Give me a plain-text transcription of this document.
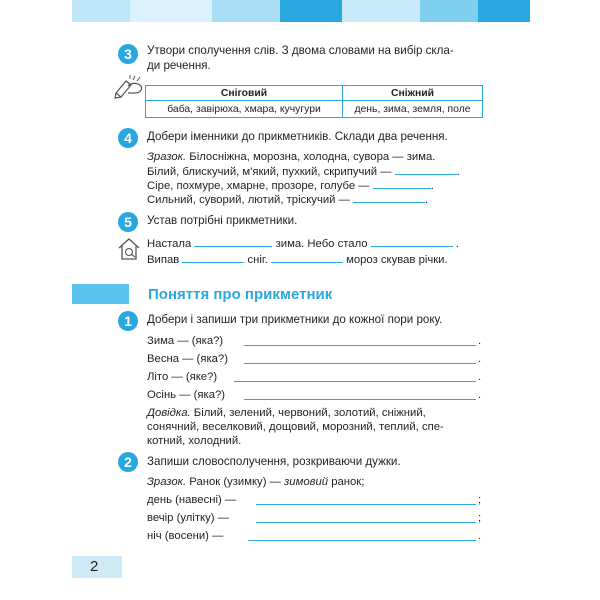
3	Утвори сполучення слів. З двома словами на вибір скла-
ди речення.
Сніговий	Сніжний
баба, завірюха, хмара, кучугури	день, зима, земля, поле
4	Добери іменники до прикметників. Склади два речення.
Зразок. Білосніжна, морозна, холодна, сувора — зима.
Білий, блискучий, м'який, пухкий, скрипучий —	.
Сіре, похмуре, хмарне, прозоре, голубе —	.
Сильний, суворий, лютий, тріскучий —	.
5	Устав потрібні прикметники.
Настала	зима. Небо стало	.
Випав	сніг.	мороз скував річки.
Поняття про прикметник
1	Добери і запиши три прикметники до кожної пори року.
Зима — (яка?)	.
Весна — (яка?)	.
Літо — (яке?)	.
Осінь — (яка?)	.
Довідка. Білий, зелений, червоний, золотий, сніжний,
сонячний, веселковий, дощовий, морозний, теплий, спе-
котний, холодний.
2	Запиши словосполучення, розкриваючи дужки.
Зразок. Ранок (узимку) — зимовий ранок;
день (навесні) —	;
вечір (улітку) —	;
ніч (восени) —	.
2
